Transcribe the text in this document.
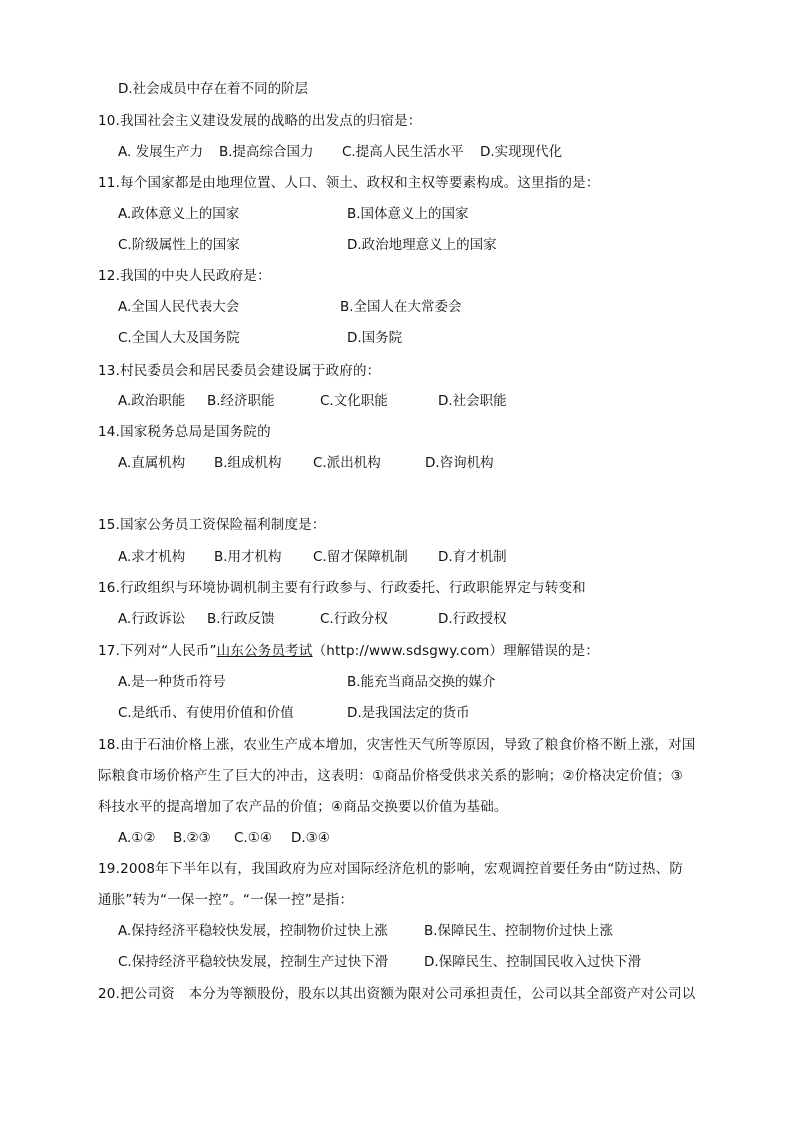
D.社会成员中存在着不同的阶层
10.我国社会主义建设发展的战略的出发点的归宿是：
A. 发展生产力 B.提高综合国力 C.提高人民生活水平 D.实现现代化
11.每个国家都是由地理位置、人口、领土、政权和主权等要素构成。这里指的是：
A.政体意义上的国家	B.国体意义上的国家
C.阶级属性上的国家	D.政治地理意义上的国家
12.我国的中央人民政府是：
A.全国人民代表大会	B.全国人在大常委会
C.全国人大及国务院	D.国务院
13.村民委员会和居民委员会建设属于政府的：
A.政治职能 B.经济职能	C.文化职能	D.社会职能
14.国家税务总局是国务院的
A.直属机构 B.组成机构 C.派出机构	D.咨询机构
15.国家公务员工资保险福利制度是：
A.求才机构 B.用才机构 C.留才保障机制 D.育才机制
16.行政组织与环境协调机制主要有行政参与、行政委托、行政职能界定与转变和
A.行政诉讼 B.行政反馈	C.行政分权	D.行政授权
17.下列对“人民币”山东公务员考试（http://www.sdsgwy.com）理解错误的是：
A.是一种货币符号	B.能充当商品交换的媒介
C.是纸币、有使用价值和价值	D.是我国法定的货币
18.由于石油价格上涨，农业生产成本增加，灾害性天气所等原因，导致了粮食价格不断上涨，对国
际粮食市场价格产生了巨大的冲击，这表明：①商品价格受供求关系的影响；②价格决定价值；③
科技水平的提高增加了农产品的价值；④商品交换要以价值为基础。
A.①② B.②③ C.①④ D.③④
19.2008年下半年以有，我国政府为应对国际经济危机的影响，宏观调控首要任务由“防过热、防
通胀”转为“一保一控”。“一保一控”是指：
A.保持经济平稳较快发展，控制物价过快上涨	B.保障民生、控制物价过快上涨
C.保持经济平稳较快发展，控制生产过快下滑	D.保障民生、控制国民收入过快下滑
20.把公司资　本分为等额股份，股东以其出资额为限对公司承担责任，公司以其全部资产对公司以
